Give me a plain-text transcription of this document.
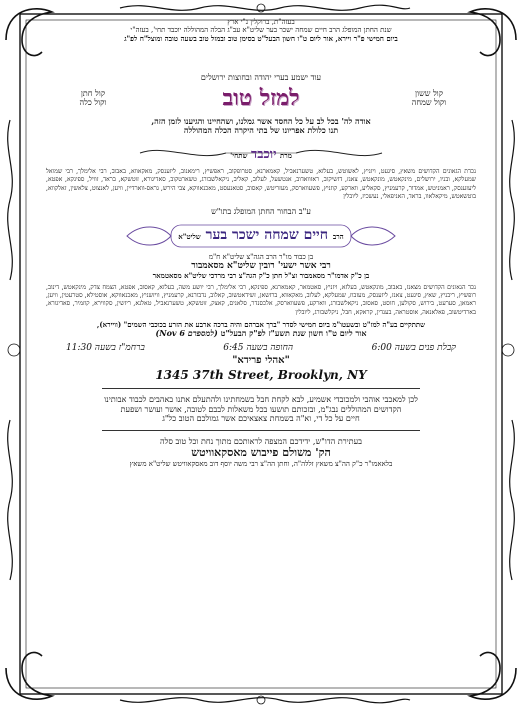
בעזה"ת, ברוקלין נ"י ארץ

שנת החתן המופלג הרב חיים שמחה ישכר בער שליט"א עב"ג הבלה המהוללה יוכבד תחי', בעזה"י

ביום חמישי פ"ר ויירא, אור ליום ט"ו חשון הבעל"ט בסימן טוב ובמזל טוב בשעה טובה ומוצל"ח לפ"ג

עוד ישמע בערי יהודה ובחוצות ירושלים

קול ששון
וקול שמחה
למזל טוב
קול חתן
וקול כלה

אודה לה' בכל לב על כל החסד אשר גמלנו, ושהחיינו והגיענו לזמן הזה,

תנו כלולת אפריונו של בתי היקרה הכלה המהוללה

מרת יוכבד שתחי'

נכדת הגאונים הקדושים משאץ, סיגעט, ויזניץ, לאשוטש, בעלזא, טשערנאביל, קאמארנא, סטרופקוב, ראפשיץ, רימאנוב, ליזענסק, מאקאווא, באבוב, רבי אלימלך, רבי שמואל שמעלקא, ובניו, ירושלים, מינקאטש, מונקאטש, צאנז, דזשיקוב, ראזוואדוב, אנטשעל, לעלוב, קאליב, ניקאלשבורג, טשארטקוב, סאדיגורא, זוטשקא, בראד, זוויל, ספינקא, אפטא, ליעזענסק, ראמניטש, אמדור, קרעמניץ, סקאליע, ווארקע, קוזניץ, פשעווארסק, מעזריטש, קאסוב, סטאנעסט, מאכנאווקא, צבי הירש, גראס-ווארדיין, וויען, לאנצוט, צלאשין, זאלקווא, בוטשאטש, מיקאלאוו, בראד, האניפאלי, נעשכיז, ליובלין

ע"ב הבחור החתן המופלג בתו"ש

הרב חיים שמחה ישכר בער שליט"א

בן כבוד מו"ר הרב הגה"צ שליט"א ח"מ

רבי אשר ישעי' רובין שליט"א מסאמבור

בן כ"ק אדמו"ר מסאמבור זצ"ל חתן כ"ק הגה"צ רבי מרדכי שליט"א מסאטמאר

נכד הגאונים הקדושים מצאנז, באבוב, מונקאטש, בעלזא, ויזניץ, סאטמאר, קאמארנא, ספינקא, רבי אלימלך, רבי יושע משה, בעלזא, קאסוב, אפטא, הצמח צדק, מינקאטש, דינוב, רופשיץ, ריבניץ, שאץ, סיגעט, צאנז, ליזענסק, מעזבוז, שמעלקא, לעלוב, מאקאווא, ברזשאן, זשידאטשוב, קאלוב, נדבורנא, קרעמניץ, וויזשניץ, מאכנאווקא, אוסטילא, סטרעטין, וויען, ראמאן, סערעט, בירוש, סקולען, חוסט, סאסוב, ניקאלשבורג, ווארקע, פשעווארסק, אלכסנדר, סלאנים, קאצק, זוטשקא, טשערנאביל, טאלנא, ריזשין, סקווירא, קוזמיר, סאדיגורא, בארדיטשוב, פאלאנאה, אוסטראה, בענדין, קראקא, חבל, ניקלשבורג, ליובלין

שתתקיים בע"ה למז"ט ובשעטו"מ ביום חמישי לסדר "ברך אברהם והיה ברכה ארבע את הזרע בכוכבי השמים" (וויירא),

אור ליום ט"ו חשון שנת תשע"ז לפ"ק הבעל"ט (Nov 6 למספרם)

קבלת פנים בשעה 6:00
החופה בשעה 6:45
ברחמ"ז בשעה 11:30
"אהלי פרידא"
1345 37th Street, Brooklyn, NY

לכן למאכבי אוהבי ולמכובדי אשמיע, לבא לקחת חבל בשמחתינו ולהתעלם אתנו באהבים לכבוד אבותינו

הקדושים המהוללים נבג"מ, ובזכותם תושעו בכל משאלות לבבם לטובה, אושר ועושר ושפעת

חיים על כל די, וא"ה בשמחת צאצאיכם אשר גמולכם הטוב כל"ג

בעתירת הדו"ש, ידידכם המצפה לראותכם מתוך נחת וכל טוב סלה

הק' משולם פייבוש מאסקאוויטש

בלאאמו"ר כ"ק הה"צ משאץ זללה"ה, וחתן הה"צ רבי משה יוסף דוב מאסקאוויטש שליט"א משאץ
